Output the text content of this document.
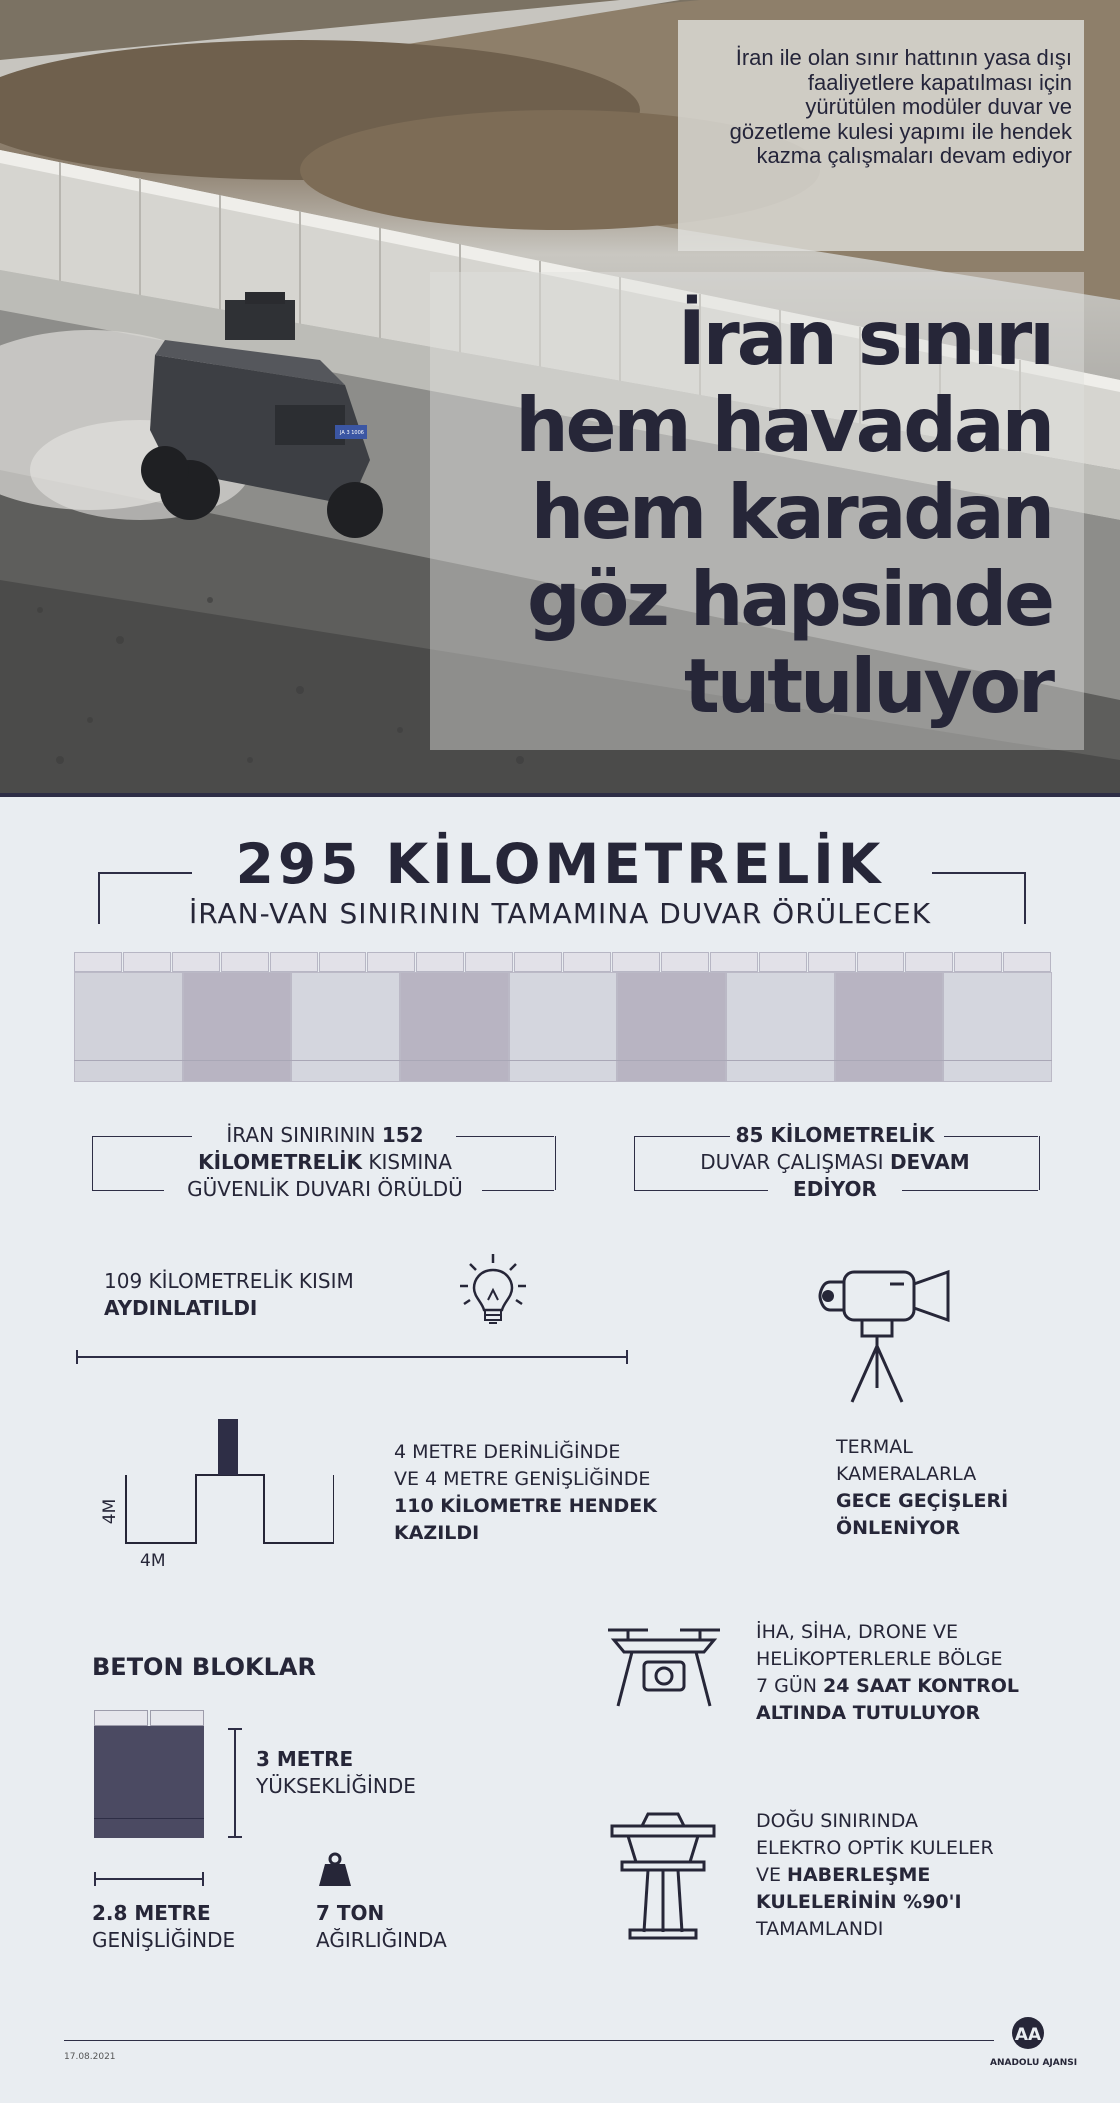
İran ile olan sınır hattının yasa dışı faaliyetlere kapatılması için yürütülen modüler duvar ve gözetleme kulesi yapımı ile hendek kazma çalışmaları devam ediyor
İran sınırı
hem havadan
hem karadan
göz hapsinde
tutuluyor
JA 3 1006
295 KİLOMETRELİK
İRAN-VAN SINIRININ TAMAMINA DUVAR ÖRÜLECEK
İRAN SINIRININ 152
KİLOMETRELİK KISMINA
GÜVENLİK DUVARI ÖRÜLDÜ
85 KİLOMETRELİK
DUVAR ÇALIŞMASI DEVAM
EDİYOR
109 KİLOMETRELİK KISIM
AYDINLATILDI
TERMAL
KAMERALARLA
GECE GEÇİŞLERİ
ÖNLENİYOR
4M
4M
4 METRE DERİNLİĞİNDE
VE 4 METRE GENİŞLİĞİNDE
110 KİLOMETRE HENDEK
KAZILDI
BETON BLOKLAR
3 METRE
YÜKSEKLİĞİNDE
2.8 METRE
GENİŞLİĞİNDE
7 TON
AĞIRLIĞINDA
İHA, SİHA, DRONE VE
HELİKOPTERLERLE BÖLGE
7 GÜN 24 SAAT KONTROL
ALTINDA TUTULUYOR
DOĞU SINIRINDA
ELEKTRO OPTİK KULELER
VE HABERLEŞME
KULELERİNİN %90'I
TAMAMLANDI
17.08.2021
AA
ANADOLU AJANSI
